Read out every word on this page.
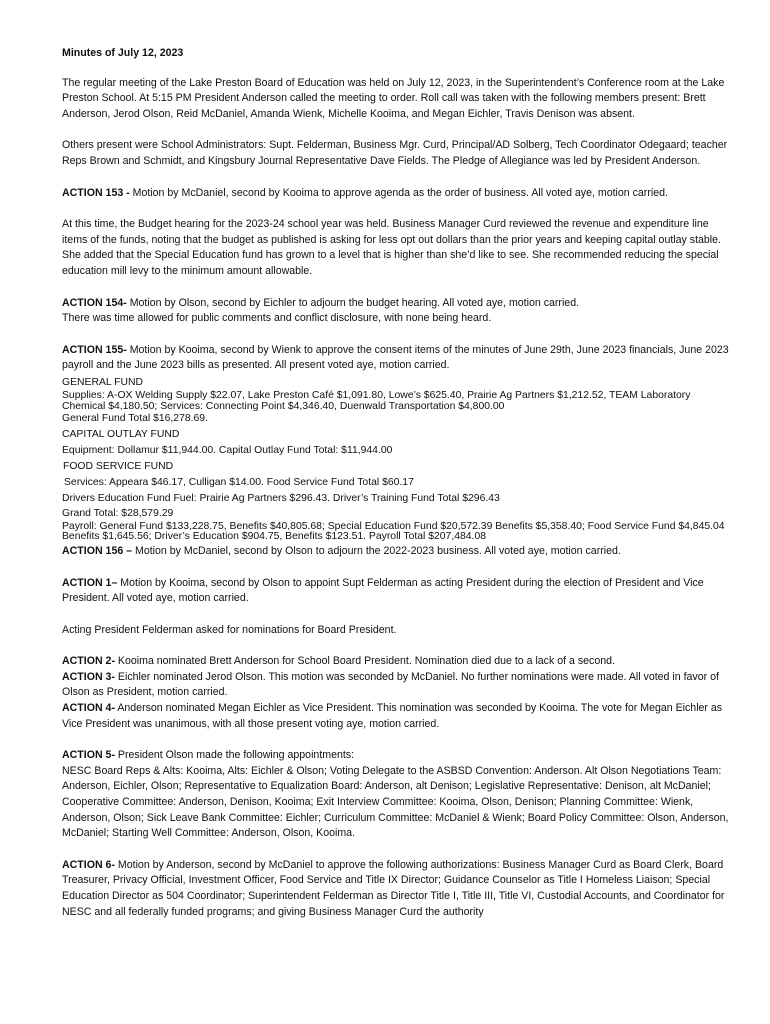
Minutes of July 12, 2023

The regular meeting of the Lake Preston Board of Education was held on July 12, 2023, in the Superintendent’s Conference room at the Lake Preston School. At 5:15 PM President Anderson called the meeting to order. Roll call was taken with the following members present: Brett Anderson, Jerod Olson, Reid McDaniel, Amanda Wienk, Michelle Kooima, and Megan Eichler, Travis Denison was absent.

Others present were School Administrators: Supt. Felderman, Business Mgr. Curd, Principal/AD Solberg, Tech Coordinator Odegaard; teacher Reps Brown and Schmidt, and Kingsbury Journal Representative Dave Fields. The Pledge of Allegiance was led by President Anderson.

ACTION 153 - Motion by McDaniel, second by Kooima to approve agenda as the order of business. All voted aye, motion carried.

At this time, the Budget hearing for the 2023-24 school year was held. Business Manager Curd reviewed the revenue and expenditure line items of the funds, noting that the budget as published is asking for less opt out dollars than the prior years and keeping capital outlay stable. She added that the Special Education fund has grown to a level that is higher than she’d like to see. She recommended reducing the special education mill levy to the minimum amount allowable.

ACTION 154- Motion by Olson, second by Eichler to adjourn the budget hearing. All voted aye, motion carried.

There was time allowed for public comments and conflict disclosure, with none being heard.

ACTION 155- Motion by Kooima, second by Wienk to approve the consent items of the minutes of June 29th, June 2023 financials, June 2023 payroll and the June 2023 bills as presented. All present voted aye, motion carried.

GENERAL FUND

Supplies: A-OX Welding Supply $22.07, Lake Preston Café $1,091.80, Lowe’s $625.40, Prairie Ag Partners $1,212.52, TEAM Laboratory Chemical $4,180.50; Services: Connecting Point $4,346.40, Duenwald Transportation $4,800.00

General Fund Total $16,278.69.

CAPITAL OUTLAY FUND

Equipment: Dollamur $11,944.00. Capital Outlay Fund Total: $11,944.00

FOOD SERVICE FUND

Services: Appeara $46.17, Culligan $14.00. Food Service Fund Total $60.17

Drivers Education Fund Fuel: Prairie Ag Partners $296.43. Driver’s Training Fund Total $296.43

Grand Total: $28,579.29

Payroll: General Fund $133,228.75, Benefits $40,805.68; Special Education Fund $20,572.39 Benefits $5,358.40; Food Service Fund $4,845.04 Benefits $1,645.56; Driver’s Education $904.75, Benefits $123.51. Payroll Total $207,484.08

ACTION 156 – Motion by McDaniel, second by Olson to adjourn the 2022-2023 business. All voted aye, motion carried.

ACTION 1– Motion by Kooima, second by Olson to appoint Supt Felderman as acting President during the election of President and Vice President. All voted aye, motion carried.

Acting President Felderman asked for nominations for Board President.

ACTION 2- Kooima nominated Brett Anderson for School Board President. Nomination died due to a lack of a second.

ACTION 3- Eichler nominated Jerod Olson. This motion was seconded by McDaniel. No further nominations were made. All voted in favor of Olson as President, motion carried.

ACTION 4- Anderson nominated Megan Eichler as Vice President. This nomination was seconded by Kooima. The vote for Megan Eichler as Vice President was unanimous, with all those present voting aye, motion carried.

ACTION 5- President Olson made the following appointments:

NESC Board Reps & Alts: Kooima, Alts: Eichler & Olson; Voting Delegate to the ASBSD Convention: Anderson. Alt Olson Negotiations Team: Anderson, Eichler, Olson; Representative to Equalization Board: Anderson, alt Denison; Legislative Representative: Denison, alt McDaniel; Cooperative Committee: Anderson, Denison, Kooima; Exit Interview Committee: Kooima, Olson, Denison; Planning Committee: Wienk, Anderson, Olson; Sick Leave Bank Committee: Eichler; Curriculum Committee: McDaniel & Wienk; Board Policy Committee: Olson, Anderson, McDaniel; Starting Well Committee: Anderson, Olson, Kooima.

ACTION 6- Motion by Anderson, second by McDaniel to approve the following authorizations: Business Manager Curd as Board Clerk, Board Treasurer, Privacy Official, Investment Officer, Food Service and Title IX Director; Guidance Counselor as Title I Homeless Liaison; Special Education Director as 504 Coordinator; Superintendent Felderman as Director Title I, Title III, Title VI, Custodial Accounts, and Coordinator for NESC and all federally funded programs; and giving Business Manager Curd the authority
